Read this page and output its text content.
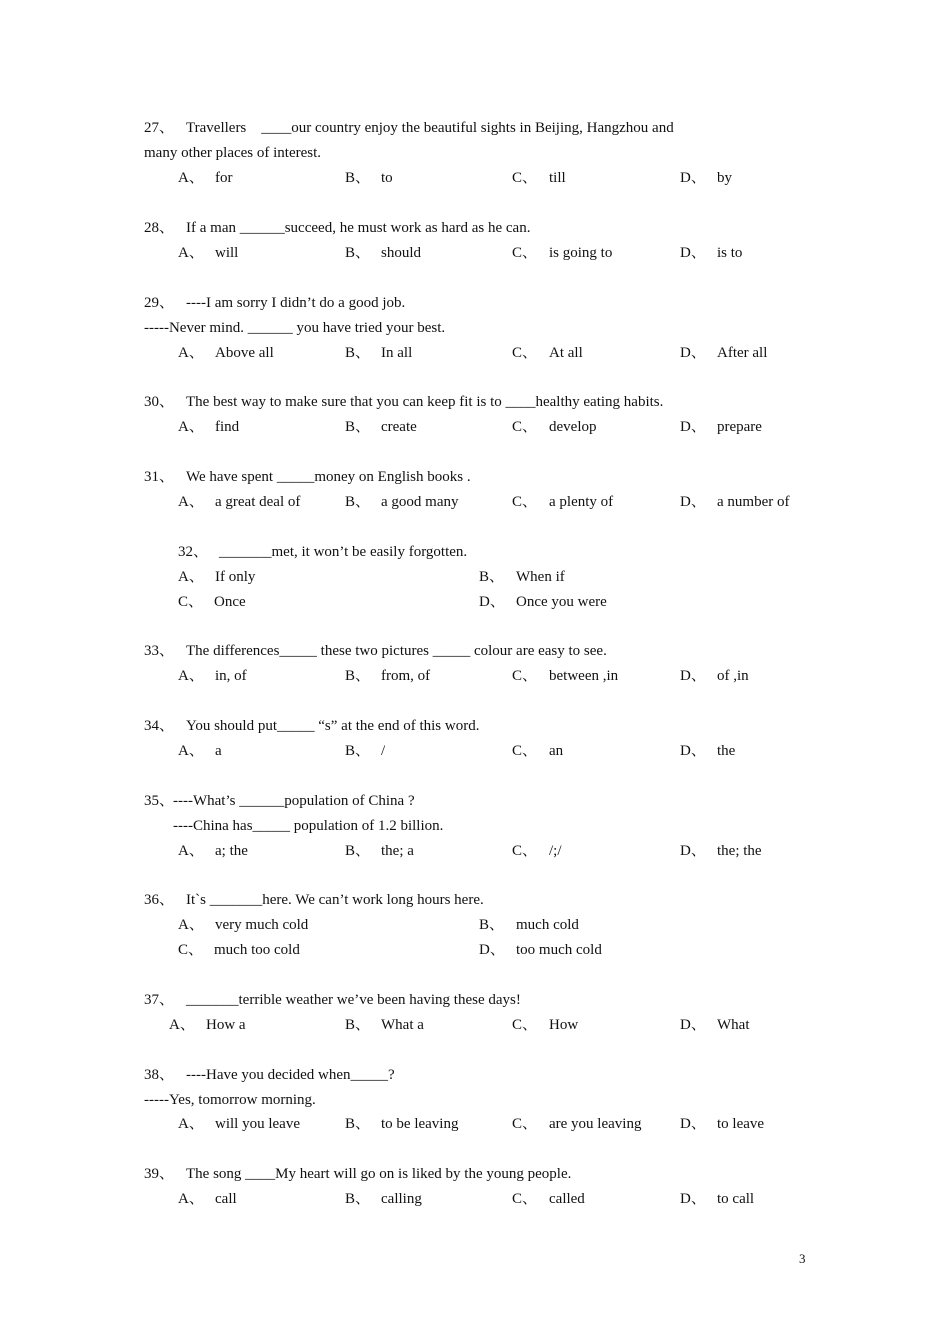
27、 Travellers    ____our country enjoy the beautiful sights in Beijing, Hangzhou and
many other places of interest.
A、 for	B、 to	C、 till	D、 by
28、 If a man ______succeed, he must work as hard as he can.
A、 will	B、 should	C、 is going to	D、 is to
29、 ----I am sorry I didn’t do a good job.
-----Never mind. ______ you have tried your best.
A、 Above all	B、 In all	C、 At all	D、 After all
30、 The best way to make sure that you can keep fit is to ____healthy eating habits.
A、 find	B、 create	C、 develop	D、 prepare
31、 We have spent _____money on English books .
A、 a great deal of	B、 a good many	C、 a plenty of	D、 a number of
32、 _______met, it won’t be easily forgotten.
A、 If only	B、 When if
C、 Once	D、 Once you were
33、 The differences_____ these two pictures _____ colour are easy to see.
A、 in, of	B、 from, of	C、 between ,in	D、 of ,in
34、 You should put_____ “s” at the end of this word.
A、 a	B、 /	C、 an	D、 the
35、
----What’s ______population of China ?
----China has_____ population of 1.2 billion.
A、 a; the	B、 the; a	C、 /;/	D、 the; the
36、 It`s _______here. We can’t work long hours here.
A、 very much cold	B、 much cold
C、 much too cold	D、 too much cold
37、 _______terrible weather we’ve been having these days!
A、 How a	B、 What a	C、 How	D、 What
38、 ----Have you decided when_____?
-----Yes, tomorrow morning.
A、 will you leave	B、 to be leaving	C、 are you leaving	D、 to leave
39、 The song ____My heart will go on is liked by the young people.
A、 call	B、 calling	C、 called	D、 to call
3
